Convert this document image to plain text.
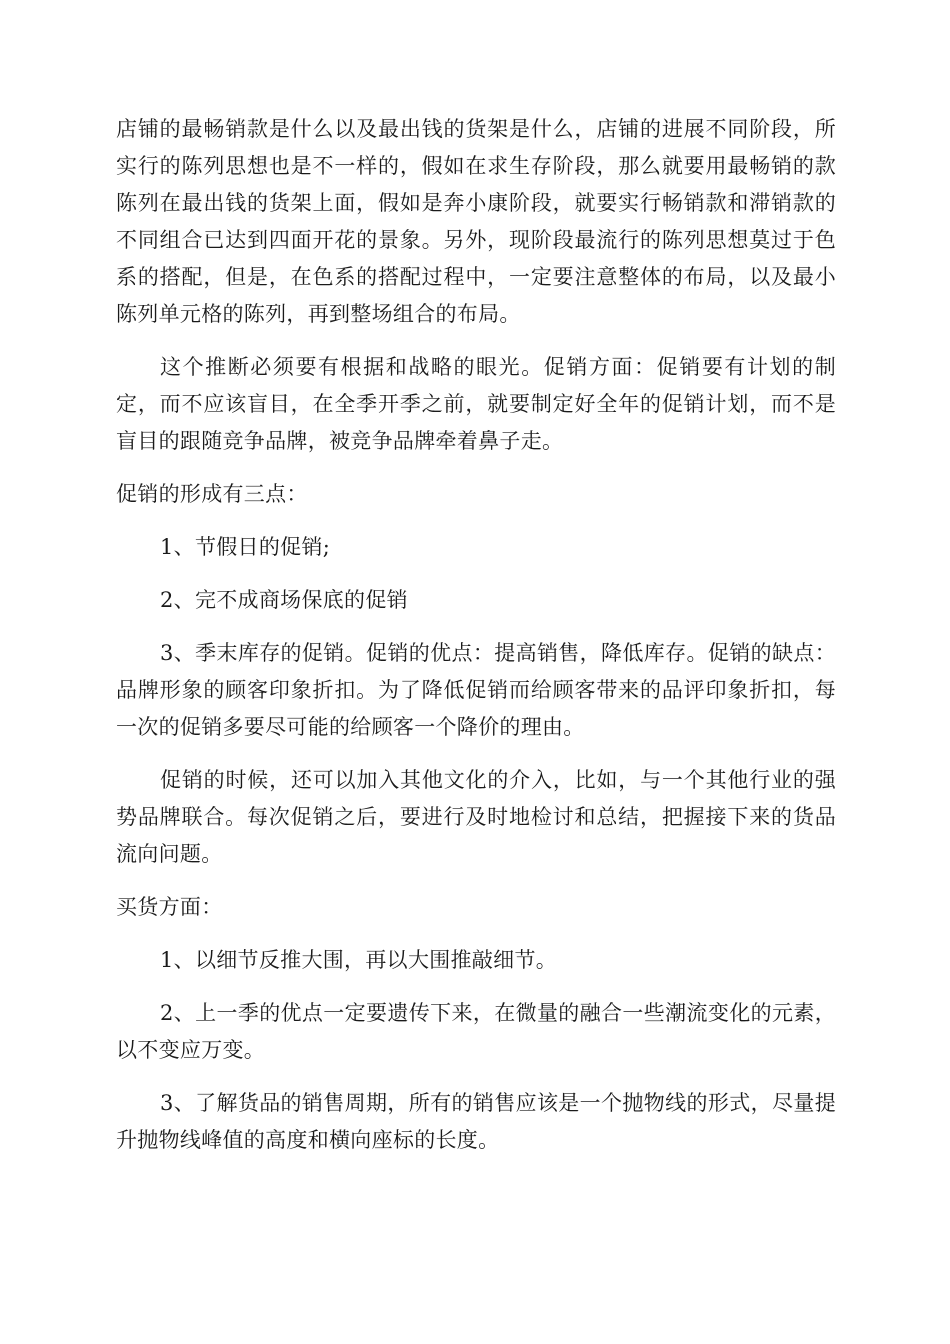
店铺的最畅销款是什么以及最出钱的货架是什么，店铺的进展不同阶段，所实行的陈列思想也是不一样的，假如在求生存阶段，那么就要用最畅销的款陈列在最出钱的货架上面，假如是奔小康阶段，就要实行畅销款和滞销款的不同组合已达到四面开花的景象。另外，现阶段最流行的陈列思想莫过于色系的搭配，但是，在色系的搭配过程中，一定要注意整体的布局，以及最小陈列单元格的陈列，再到整场组合的布局。

这个推断必须要有根据和战略的眼光。促销方面：促销要有计划的制定，而不应该盲目，在全季开季之前，就要制定好全年的促销计划，而不是盲目的跟随竞争品牌，被竞争品牌牵着鼻子走。

促销的形成有三点：

1、节假日的促销;

2、完不成商场保底的促销

3、季末库存的促销。促销的优点：提高销售，降低库存。促销的缺点：品牌形象的顾客印象折扣。为了降低促销而给顾客带来的品评印象折扣，每一次的促销多要尽可能的给顾客一个降价的理由。

促销的时候，还可以加入其他文化的介入，比如，与一个其他行业的强势品牌联合。每次促销之后，要进行及时地检讨和总结，把握接下来的货品流向问题。

买货方面：

1、以细节反推大围，再以大围推敲细节。

2、上一季的优点一定要遗传下来，在微量的融合一些潮流变化的元素，以不变应万变。

3、了解货品的销售周期，所有的销售应该是一个抛物线的形式，尽量提升抛物线峰值的高度和横向座标的长度。
